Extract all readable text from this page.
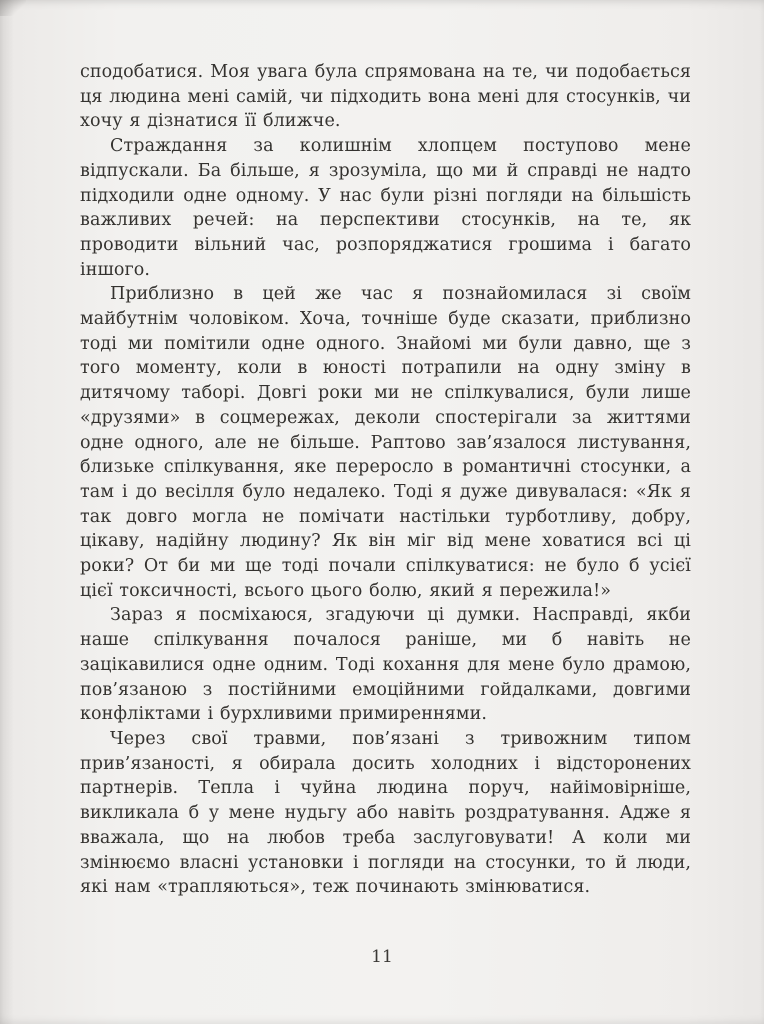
сподобатися. Моя увага була спрямована на те, чи подобається ця людина мені самій, чи підходить вона мені для стосунків, чи хочу я дізнатися її ближче.

Страждання за колишнім хлопцем поступово мене відпускали. Ба більше, я зрозуміла, що ми й справді не надто підходили одне одному. У нас були різні погляди на більшість важливих речей: на перспективи стосунків, на те, як проводити вільний час, розпоряджатися грошима і багато іншого.

Приблизно в цей же час я познайомилася зі своїм майбутнім чоловіком. Хоча, точніше буде сказати, приблизно тоді ми помітили одне одного. Знайомі ми були давно, ще з того моменту, коли в юності потрапили на одну зміну в дитячому таборі. Довгі роки ми не спілкувалися, були лише «друзями» в соцмережах, деколи спостерігали за життями одне одного, але не більше. Раптово зав’язалося листування, близьке спілкування, яке переросло в романтичні стосунки, а там і до весілля було недалеко. Тоді я дуже дивувалася: «Як я так довго могла не помічати настільки турботливу, добру, цікаву, надійну людину? Як він міг від мене ховатися всі ці роки? От би ми ще тоді почали спілкуватися: не було б усієї цієї токсичності, всього цього болю, який я пережила!»

Зараз я посміхаюся, згадуючи ці думки. Насправді, якби наше спілкування почалося раніше, ми б навіть не зацікавилися одне одним. Тоді кохання для мене було драмою, пов’язаною з постійними емоційними гойдалками, довгими конфліктами і бурхливими примиреннями.

Через свої травми, пов’язані з тривожним типом прив’язаності, я обирала досить холодних і відсторонених партнерів. Тепла і чуйна людина поруч, найімовірніше, викликала б у мене нудьгу або навіть роздратування. Адже я вважала, що на любов треба заслуговувати! А коли ми змінюємо власні установки і погляди на стосунки, то й люди, які нам «трапляються», теж починають змінюватися.

11
